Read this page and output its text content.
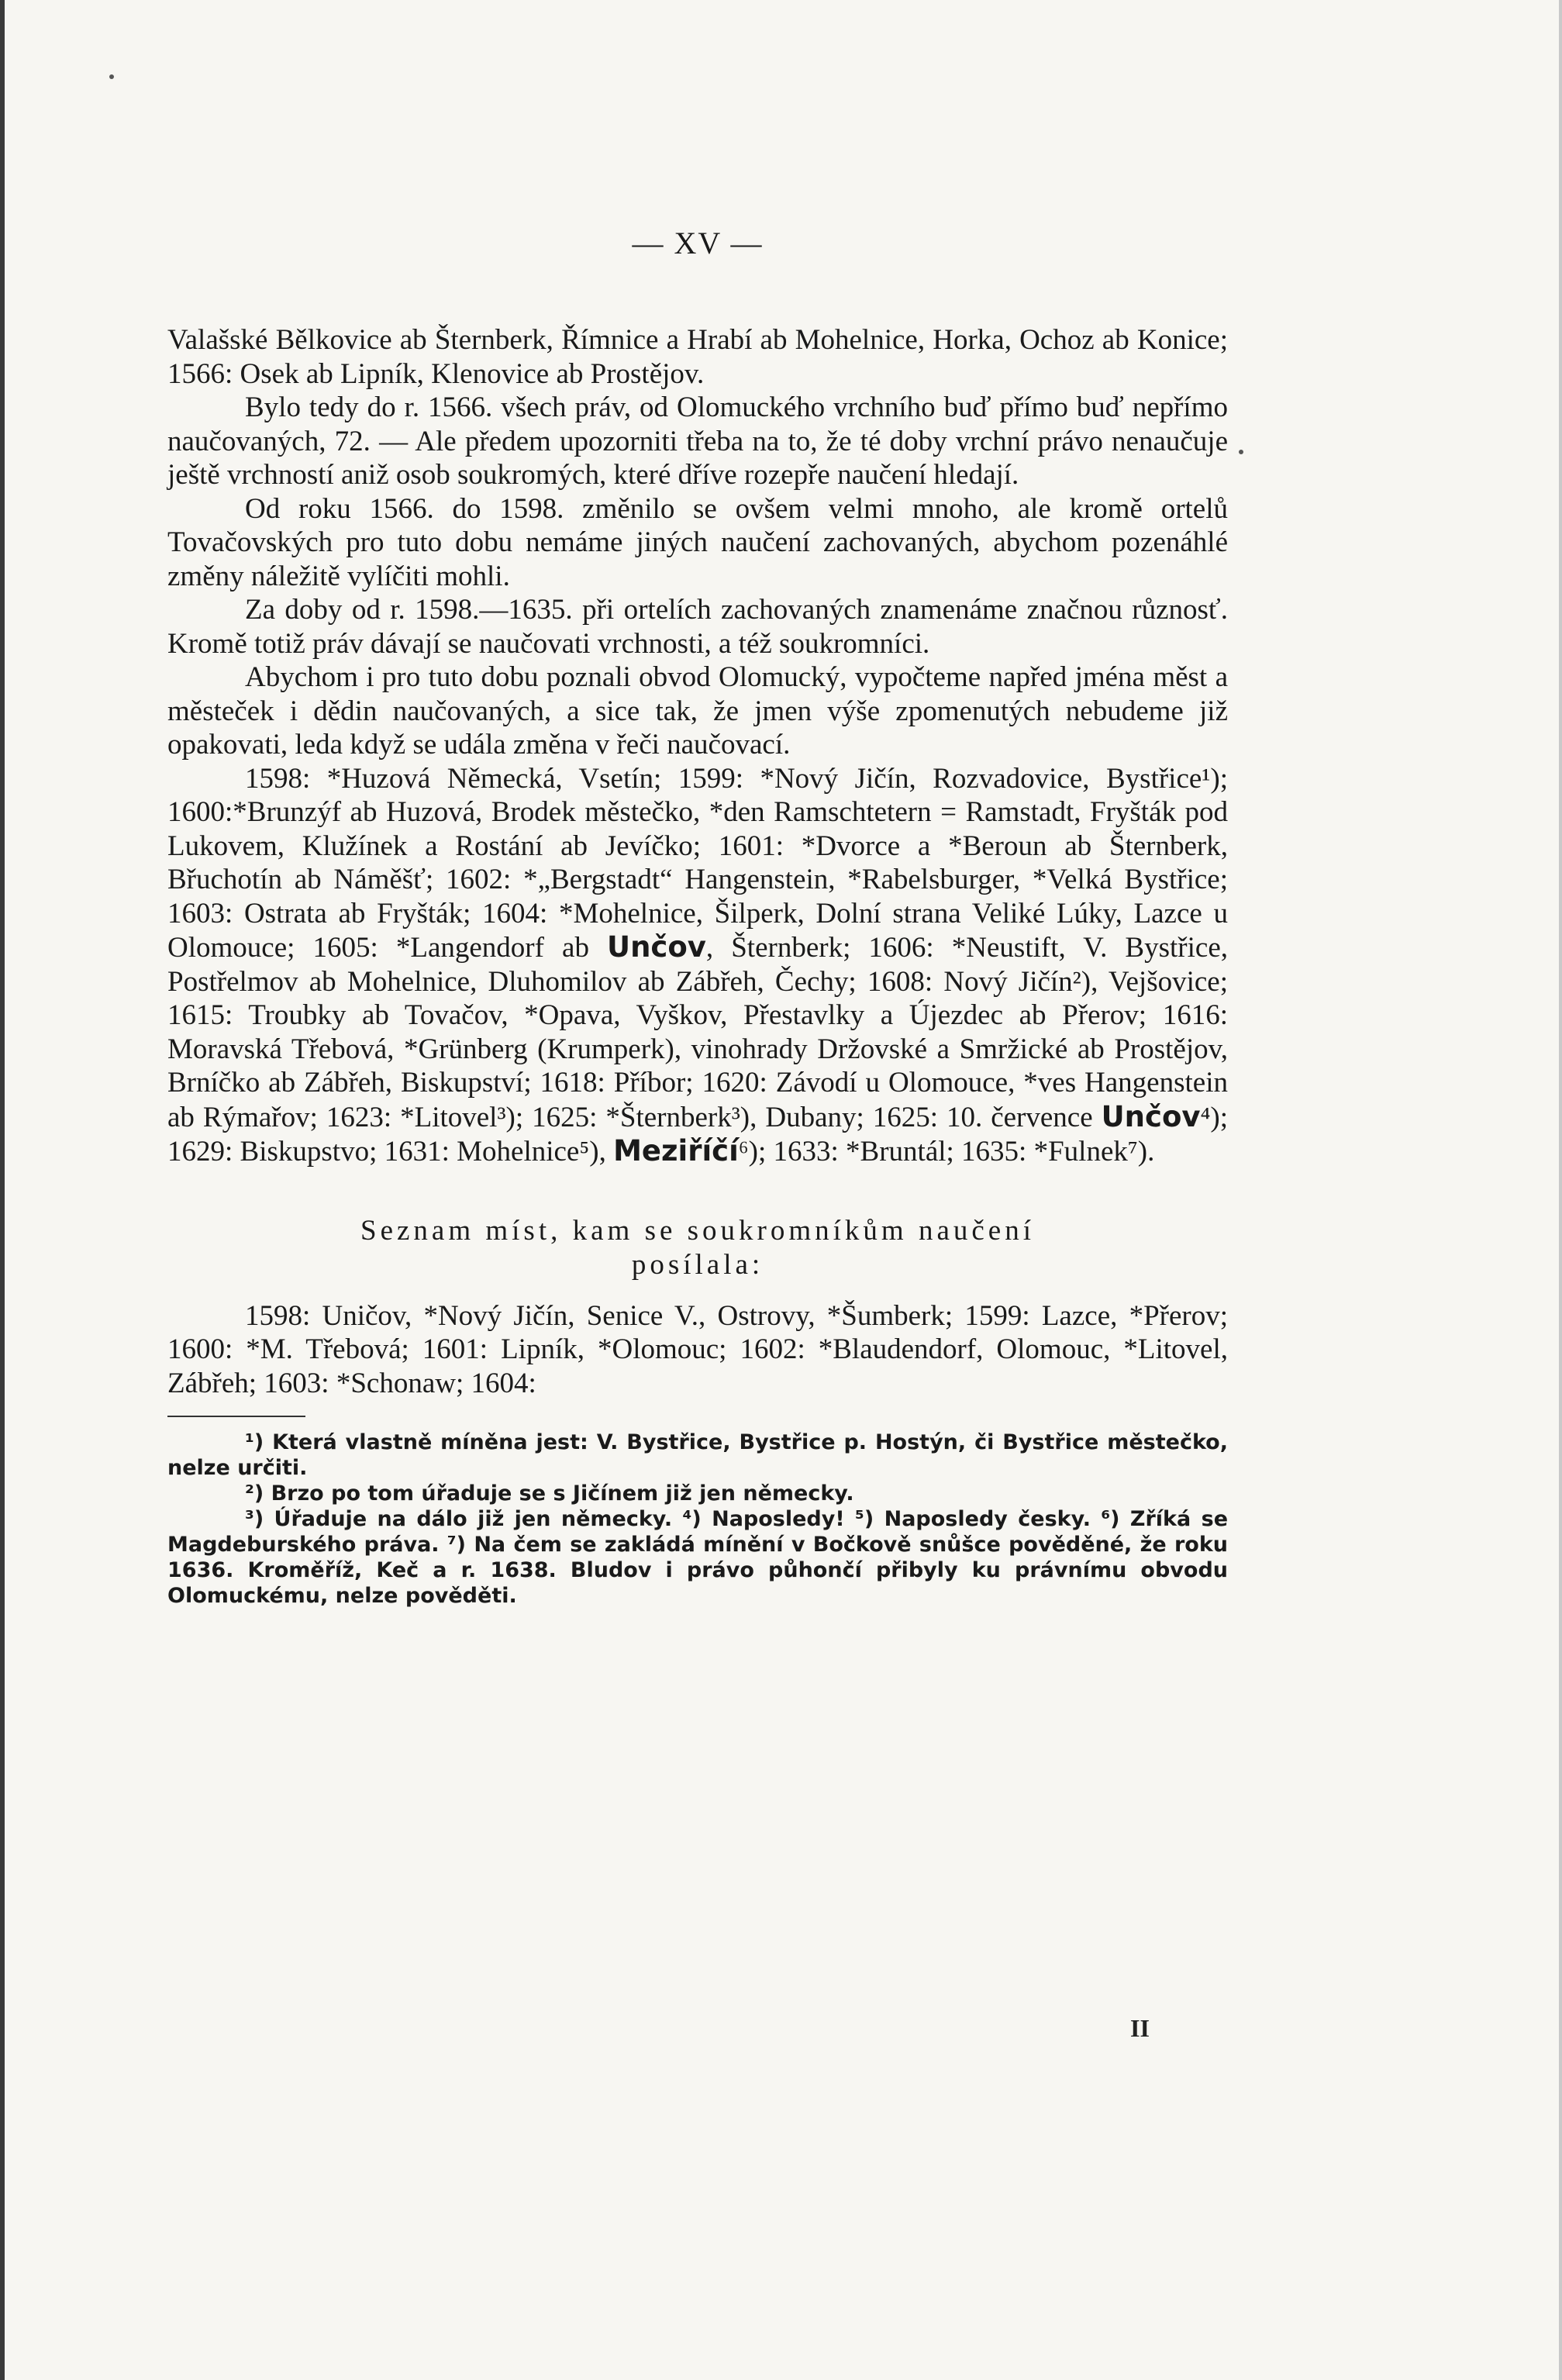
— XV —

Valašské Bělkovice ab Šternberk, Římnice a Hrabí ab Mohelnice, Horka, Ochoz ab Konice; 1566: Osek ab Lipník, Klenovice ab Prostějov.

Bylo tedy do r. 1566. všech práv, od Olomuckého vrchního buď přímo buď nepřímo naučovaných, 72. — Ale předem upozorniti třeba na to, že té doby vrchní právo nenaučuje ještě vrchností aniž osob soukromých, které dříve rozepře naučení hledají.

Od roku 1566. do 1598. změnilo se ovšem velmi mnoho, ale kromě ortelů Tovačovských pro tuto dobu nemáme jiných naučení zachovaných, abychom pozenáhlé změny náležitě vylíčiti mohli.

Za doby od r. 1598.—1635. při ortelích zachovaných znamenáme značnou různosť. Kromě totiž práv dávají se naučovati vrchnosti, a též soukromníci.

Abychom i pro tuto dobu poznali obvod Olomucký, vypočteme napřed jména měst a městeček i dědin naučovaných, a sice tak, že jmen výše zpomenutých nebudeme již opakovati, leda když se udála změna v řeči naučovací.

1598: *Huzová Německá, Vsetín; 1599: *Nový Jičín, Rozvadovice, Bystřice¹); 1600:*Brunzýf ab Huzová, Brodek městečko, *den Ramschtetern = Ramstadt, Fryšták pod Lukovem, Klužínek a Rostání ab Jevíčko; 1601: *Dvorce a *Beroun ab Šternberk, Břuchotín ab Náměšť; 1602: *„Bergstadt“ Hangenstein, *Rabelsburger, *Velká Bystřice; 1603: Ostrata ab Fryšták; 1604: *Mohelnice, Šilperk, Dolní strana Veliké Lúky, Lazce u Olomouce; 1605: *Langendorf ab Unčov, Šternberk; 1606: *Neustift, V. Bystřice, Postřelmov ab Mohelnice, Dluhomilov ab Zábřeh, Čechy; 1608: Nový Jičín²), Vejšovice; 1615: Troubky ab Tovačov, *Opava, Vyškov, Přestavlky a Újezdec ab Přerov; 1616: Moravská Třebová, *Grünberg (Krumperk), vinohrady Držovské a Smržické ab Prostějov, Brníčko ab Zábřeh, Biskupství; 1618: Příbor; 1620: Závodí u Olomouce, *ves Hangenstein ab Rýmařov; 1623: *Litovel³); 1625: *Šternberk³), Dubany; 1625: 10. července Unčov⁴); 1629: Biskupstvo; 1631: Mohelnice⁵), Meziříčí⁶); 1633: *Bruntál; 1635: *Fulnek⁷).

Seznam míst, kam se soukromníkům naučení
posílala:

1598: Uničov, *Nový Jičín, Senice V., Ostrovy, *Šumberk; 1599: Lazce, *Přerov; 1600: *M. Třebová; 1601: Lipník, *Olomouc; 1602: *Blaudendorf, Olomouc, *Litovel, Zábřeh; 1603: *Schonaw; 1604:

¹) Která vlastně míněna jest: V. Bystřice, Bystřice p. Hostýn, či Bystřice městečko, nelze určiti.

²) Brzo po tom úřaduje se s Jičínem již jen německy.

³) Úřaduje na dálo již jen německy. ⁴) Naposledy! ⁵) Naposledy česky. ⁶) Zříká se Magdeburského práva. ⁷) Na čem se zakládá mínění v Bočkově snůšce pověděné, že roku 1636. Kroměříž, Keč a r. 1638. Bludov i právo půhončí přibyly ku právnímu obvodu Olomuckému, nelze pověděti.

II
